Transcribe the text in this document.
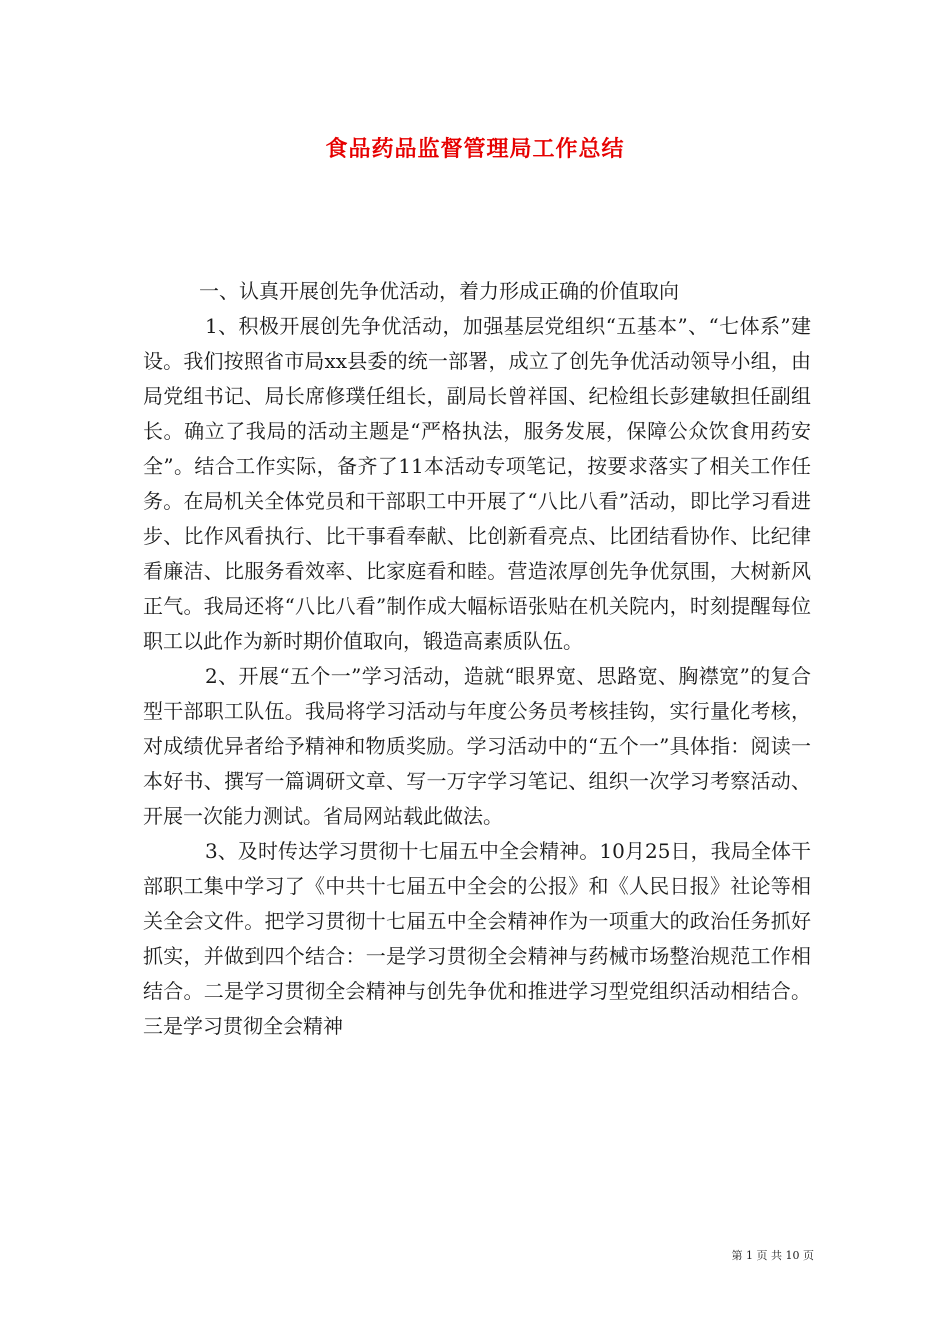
食品药品监督管理局工作总结

一、认真开展创先争优活动，着力形成正确的价值取向

1、积极开展创先争优活动，加强基层党组织“五基本”、“七体系”建设。我们按照省市局xx县委的统一部署，成立了创先争优活动领导小组，由局党组书记、局长席修璞任组长，副局长曾祥国、纪检组长彭建敏担任副组长。确立了我局的活动主题是“严格执法，服务发展，保障公众饮食用药安全”。结合工作实际，备齐了11本活动专项笔记，按要求落实了相关工作任务。在局机关全体党员和干部职工中开展了“八比八看”活动，即比学习看进步、比作风看执行、比干事看奉献、比创新看亮点、比团结看协作、比纪律看廉洁、比服务看效率、比家庭看和睦。营造浓厚创先争优氛围，大树新风正气。我局还将“八比八看”制作成大幅标语张贴在机关院内，时刻提醒每位职工以此作为新时期价值取向，锻造高素质队伍。

2、开展“五个一”学习活动，造就“眼界宽、思路宽、胸襟宽”的复合型干部职工队伍。我局将学习活动与年度公务员考核挂钩，实行量化考核，对成绩优异者给予精神和物质奖励。学习活动中的“五个一”具体指：阅读一本好书、撰写一篇调研文章、写一万字学习笔记、组织一次学习考察活动、开展一次能力测试。省局网站载此做法。

3、及时传达学习贯彻十七届五中全会精神。10月25日，我局全体干部职工集中学习了《中共十七届五中全会的公报》和《人民日报》社论等相关全会文件。把学习贯彻十七届五中全会精神作为一项重大的政治任务抓好抓实，并做到四个结合：一是学习贯彻全会精神与药械市场整治规范工作相结合。二是学习贯彻全会精神与创先争优和推进学习型党组织活动相结合。三是学习贯彻全会精神

第 1 页 共 10 页
